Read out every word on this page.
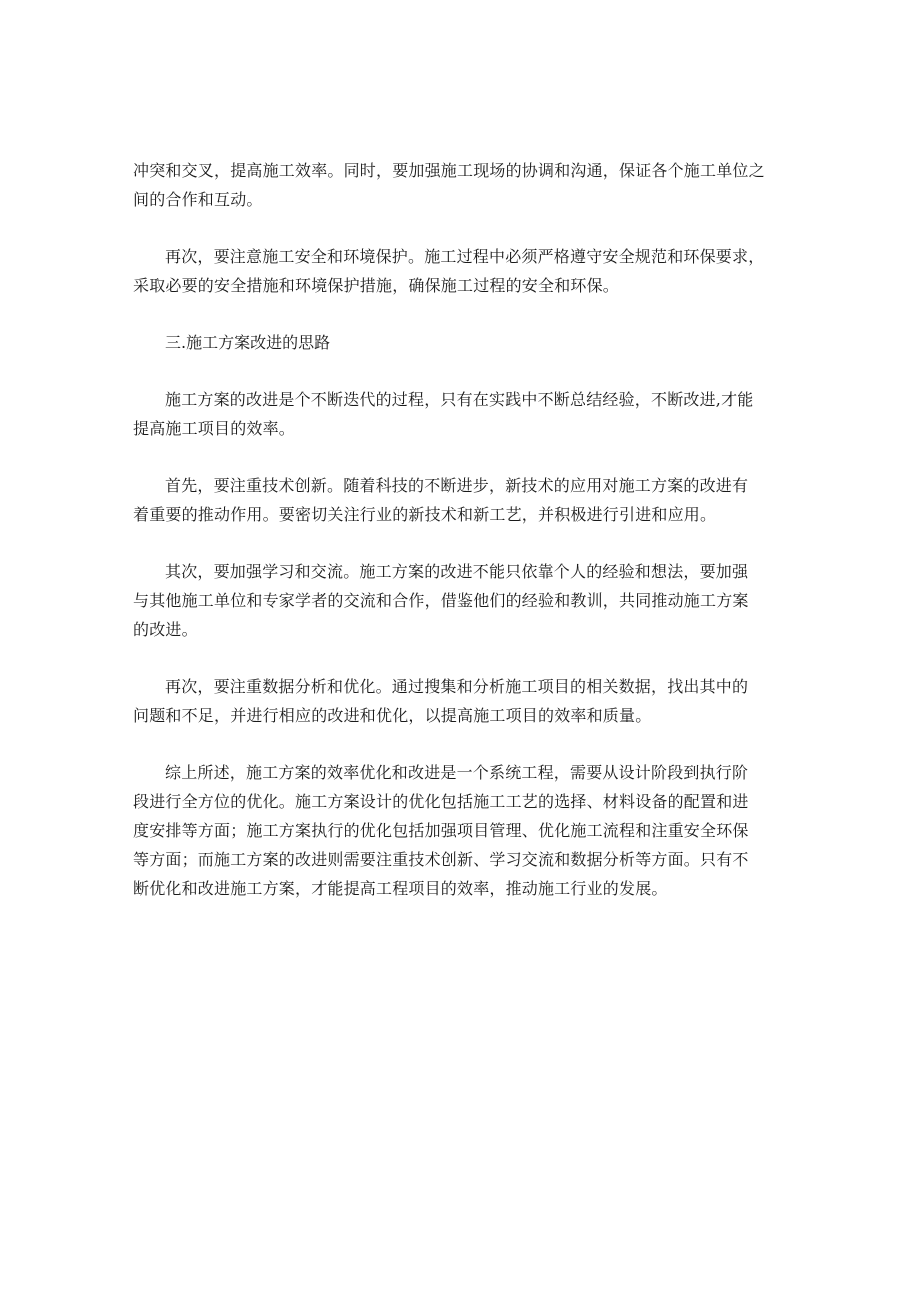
冲突和交叉，提高施工效率。同时，要加强施工现场的协调和沟通，保证各个施工单位之
间的合作和互动。

再次，要注意施工安全和环境保护。施工过程中必须严格遵守安全规范和环保要求，
采取必要的安全措施和环境保护措施，确保施工过程的安全和环保。

三.施工方案改进的思路

施工方案的改进是个不断迭代的过程，只有在实践中不断总结经验，不断改进,才能
提高施工项目的效率。

首先，要注重技术创新。随着科技的不断进步，新技术的应用对施工方案的改进有
着重要的推动作用。要密切关注行业的新技术和新工艺，并积极进行引进和应用。

其次，要加强学习和交流。施工方案的改进不能只依靠个人的经验和想法，要加强
与其他施工单位和专家学者的交流和合作，借鉴他们的经验和教训，共同推动施工方案
的改进。

再次，要注重数据分析和优化。通过搜集和分析施工项目的相关数据，找出其中的
问题和不足，并进行相应的改进和优化，以提高施工项目的效率和质量。

综上所述，施工方案的效率优化和改进是一个系统工程，需要从设计阶段到执行阶
段进行全方位的优化。施工方案设计的优化包括施工工艺的选择、材料设备的配置和进
度安排等方面；施工方案执行的优化包括加强项目管理、优化施工流程和注重安全环保
等方面；而施工方案的改进则需要注重技术创新、学习交流和数据分析等方面。只有不
断优化和改进施工方案，才能提高工程项目的效率，推动施工行业的发展。
